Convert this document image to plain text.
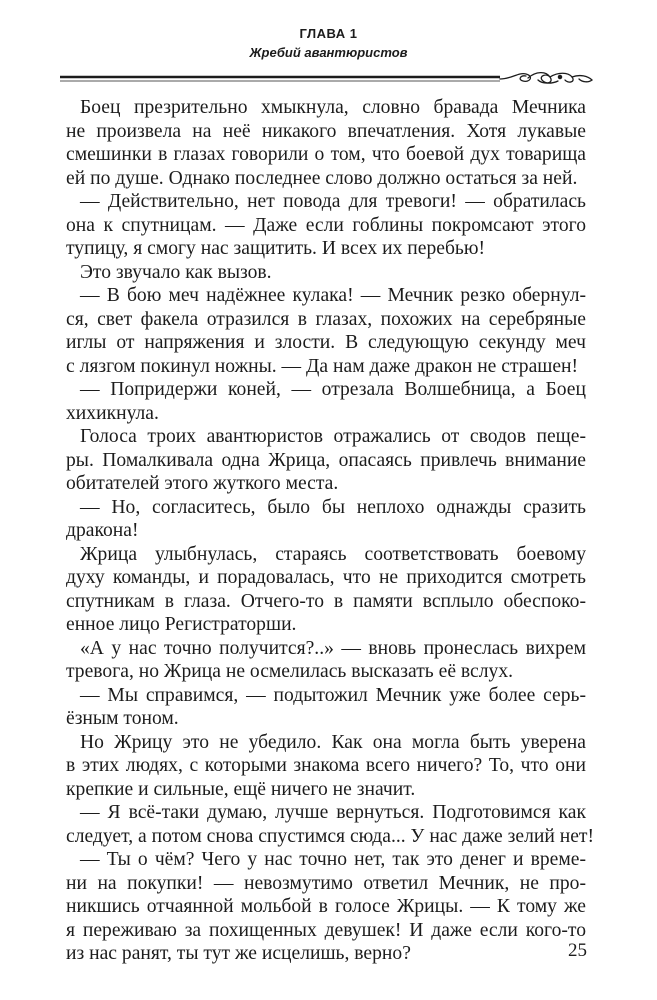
ГЛАВА 1
Жребий авантюристов

Боец презрительно хмыкнула, словно бравада Мечника
не произвела на неё никакого впечатления. Хотя лукавые
смешинки в глазах говорили о том, что боевой дух товарища
ей по душе. Однако последнее слово должно остаться за ней.

— Действительно, нет повода для тревоги! — обратилась
она к спутницам. — Даже если гоблины покромсают этого
тупицу, я смогу нас защитить. И всех их перебью!

Это звучало как вызов.

— В бою меч надёжнее кулака! — Мечник резко обернул-
ся, свет факела отразился в глазах, похожих на серебряные
иглы от напряжения и злости. В следующую секунду меч
с лязгом покинул ножны. — Да нам даже дракон не страшен!

— Попридержи коней, — отрезала Волшебница, а Боец
хихикнула.

Голоса троих авантюристов отражались от сводов пеще-
ры. Помалкивала одна Жрица, опасаясь привлечь внимание
обитателей этого жуткого места.

— Но, согласитесь, было бы неплохо однажды сразить
дракона!

Жрица улыбнулась, стараясь соответствовать боевому
духу команды, и порадовалась, что не приходится смотреть
спутникам в глаза. Отчего-то в памяти всплыло обеспоко-
енное лицо Регистраторши.

«А у нас точно получится?..» — вновь пронеслась вихрем
тревога, но Жрица не осмелилась высказать её вслух.

— Мы справимся, — подытожил Мечник уже более серь-
ёзным тоном.

Но Жрицу это не убедило. Как она могла быть уверена
в этих людях, с которыми знакома всего ничего? То, что они
крепкие и сильные, ещё ничего не значит.

— Я всё-таки думаю, лучше вернуться. Подготовимся как
следует, а потом снова спустимся сюда... У нас даже зелий нет!

— Ты о чём? Чего у нас точно нет, так это денег и време-
ни на покупки! — невозмутимо ответил Мечник, не про-
никшись отчаянной мольбой в голосе Жрицы. — К тому же
я переживаю за похищенных девушек! И даже если кого-то
из нас ранят, ты тут же исцелишь, верно?	25
